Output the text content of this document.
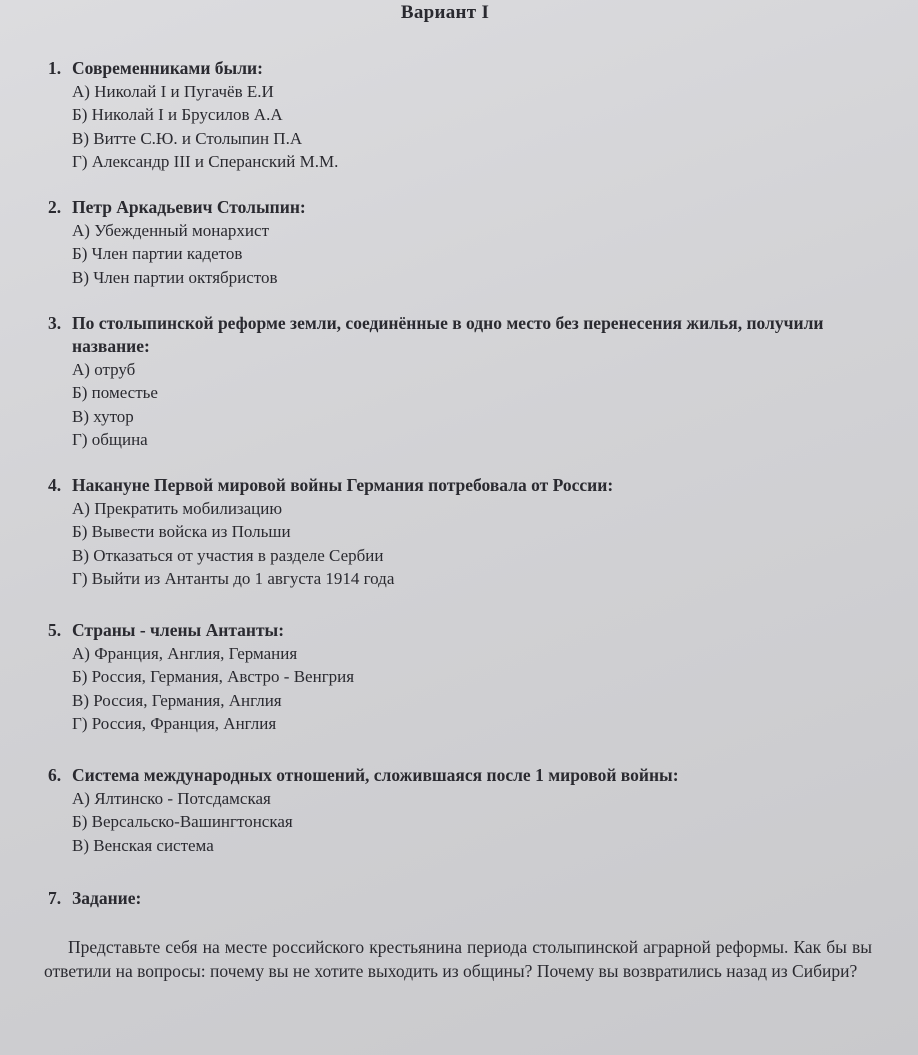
Вариант I
1. Современниками были:
А) Николай I и Пугачёв Е.И
Б) Николай I и Брусилов А.А
В) Витте С.Ю. и Столыпин П.А
Г) Александр III и Сперанский М.М.
2. Петр Аркадьевич Столыпин:
А) Убежденный монархист
Б) Член партии кадетов
В) Член партии октябристов
3. По столыпинской реформе земли, соединённые в одно место без перенесения жилья, получили название:
А) отруб
Б) поместье
В) хутор
Г) община
4. Накануне Первой мировой войны Германия потребовала от России:
А) Прекратить мобилизацию
Б) Вывести войска из Польши
В) Отказаться от участия в разделе Сербии
Г) Выйти из Антанты до 1 августа 1914 года
5. Страны - члены Антанты:
А) Франция, Англия, Германия
Б) Россия, Германия, Австро - Венгрия
В) Россия, Германия, Англия
Г) Россия, Франция, Англия
6. Система международных отношений, сложившаяся после 1 мировой войны:
А) Ялтинско - Потсдамская
Б) Версальско-Вашингтонская
В) Венская система
7. Задание:
Представьте себя на месте российского крестьянина периода столыпинской аграрной реформы. Как бы вы ответили на вопросы: почему вы не хотите выходить из общины? Почему вы возвратились назад из Сибири?
